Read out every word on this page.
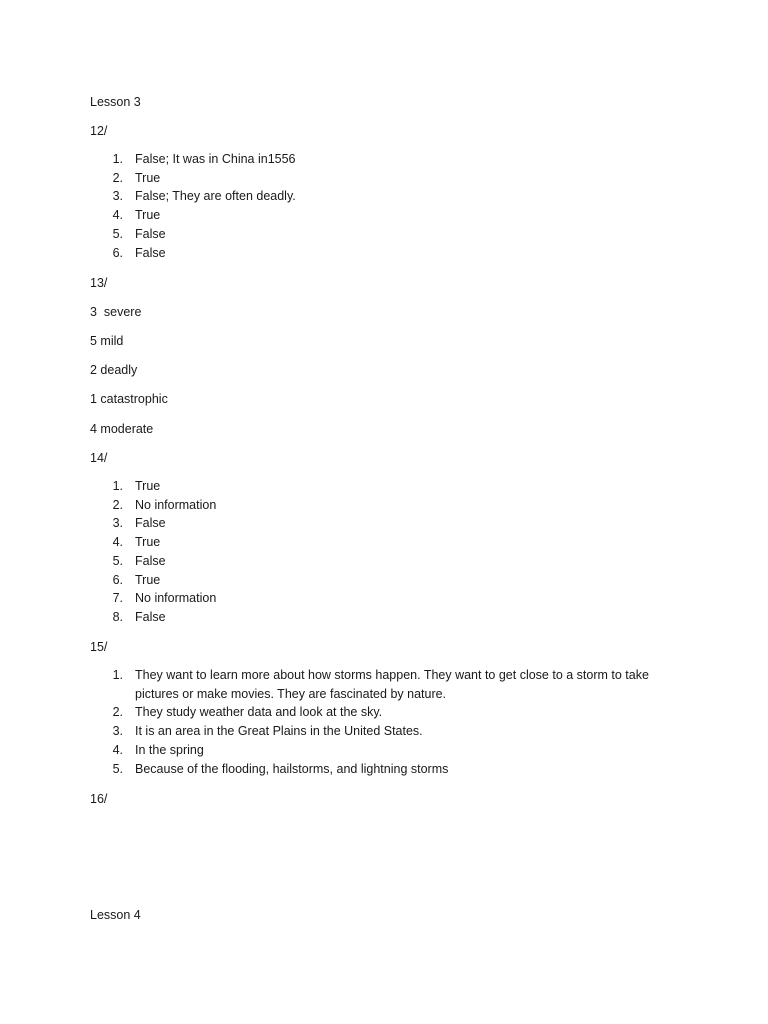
Lesson 3
12/
1. False; It was in China in1556
2. True
3. False; They are often deadly.
4. True
5. False
6. False
13/
3  severe
5 mild
2 deadly
1 catastrophic
4 moderate
14/
1. True
2. No information
3. False
4. True
5. False
6. True
7. No information
8. False
15/
1. They want to learn more about how storms happen. They want to get close to a storm to take pictures or make movies. They are fascinated by nature.
2. They study weather data and look at the sky.
3. It is an area in the Great Plains in the United States.
4. In the spring
5. Because of the flooding, hailstorms, and lightning storms
16/
Lesson 4
